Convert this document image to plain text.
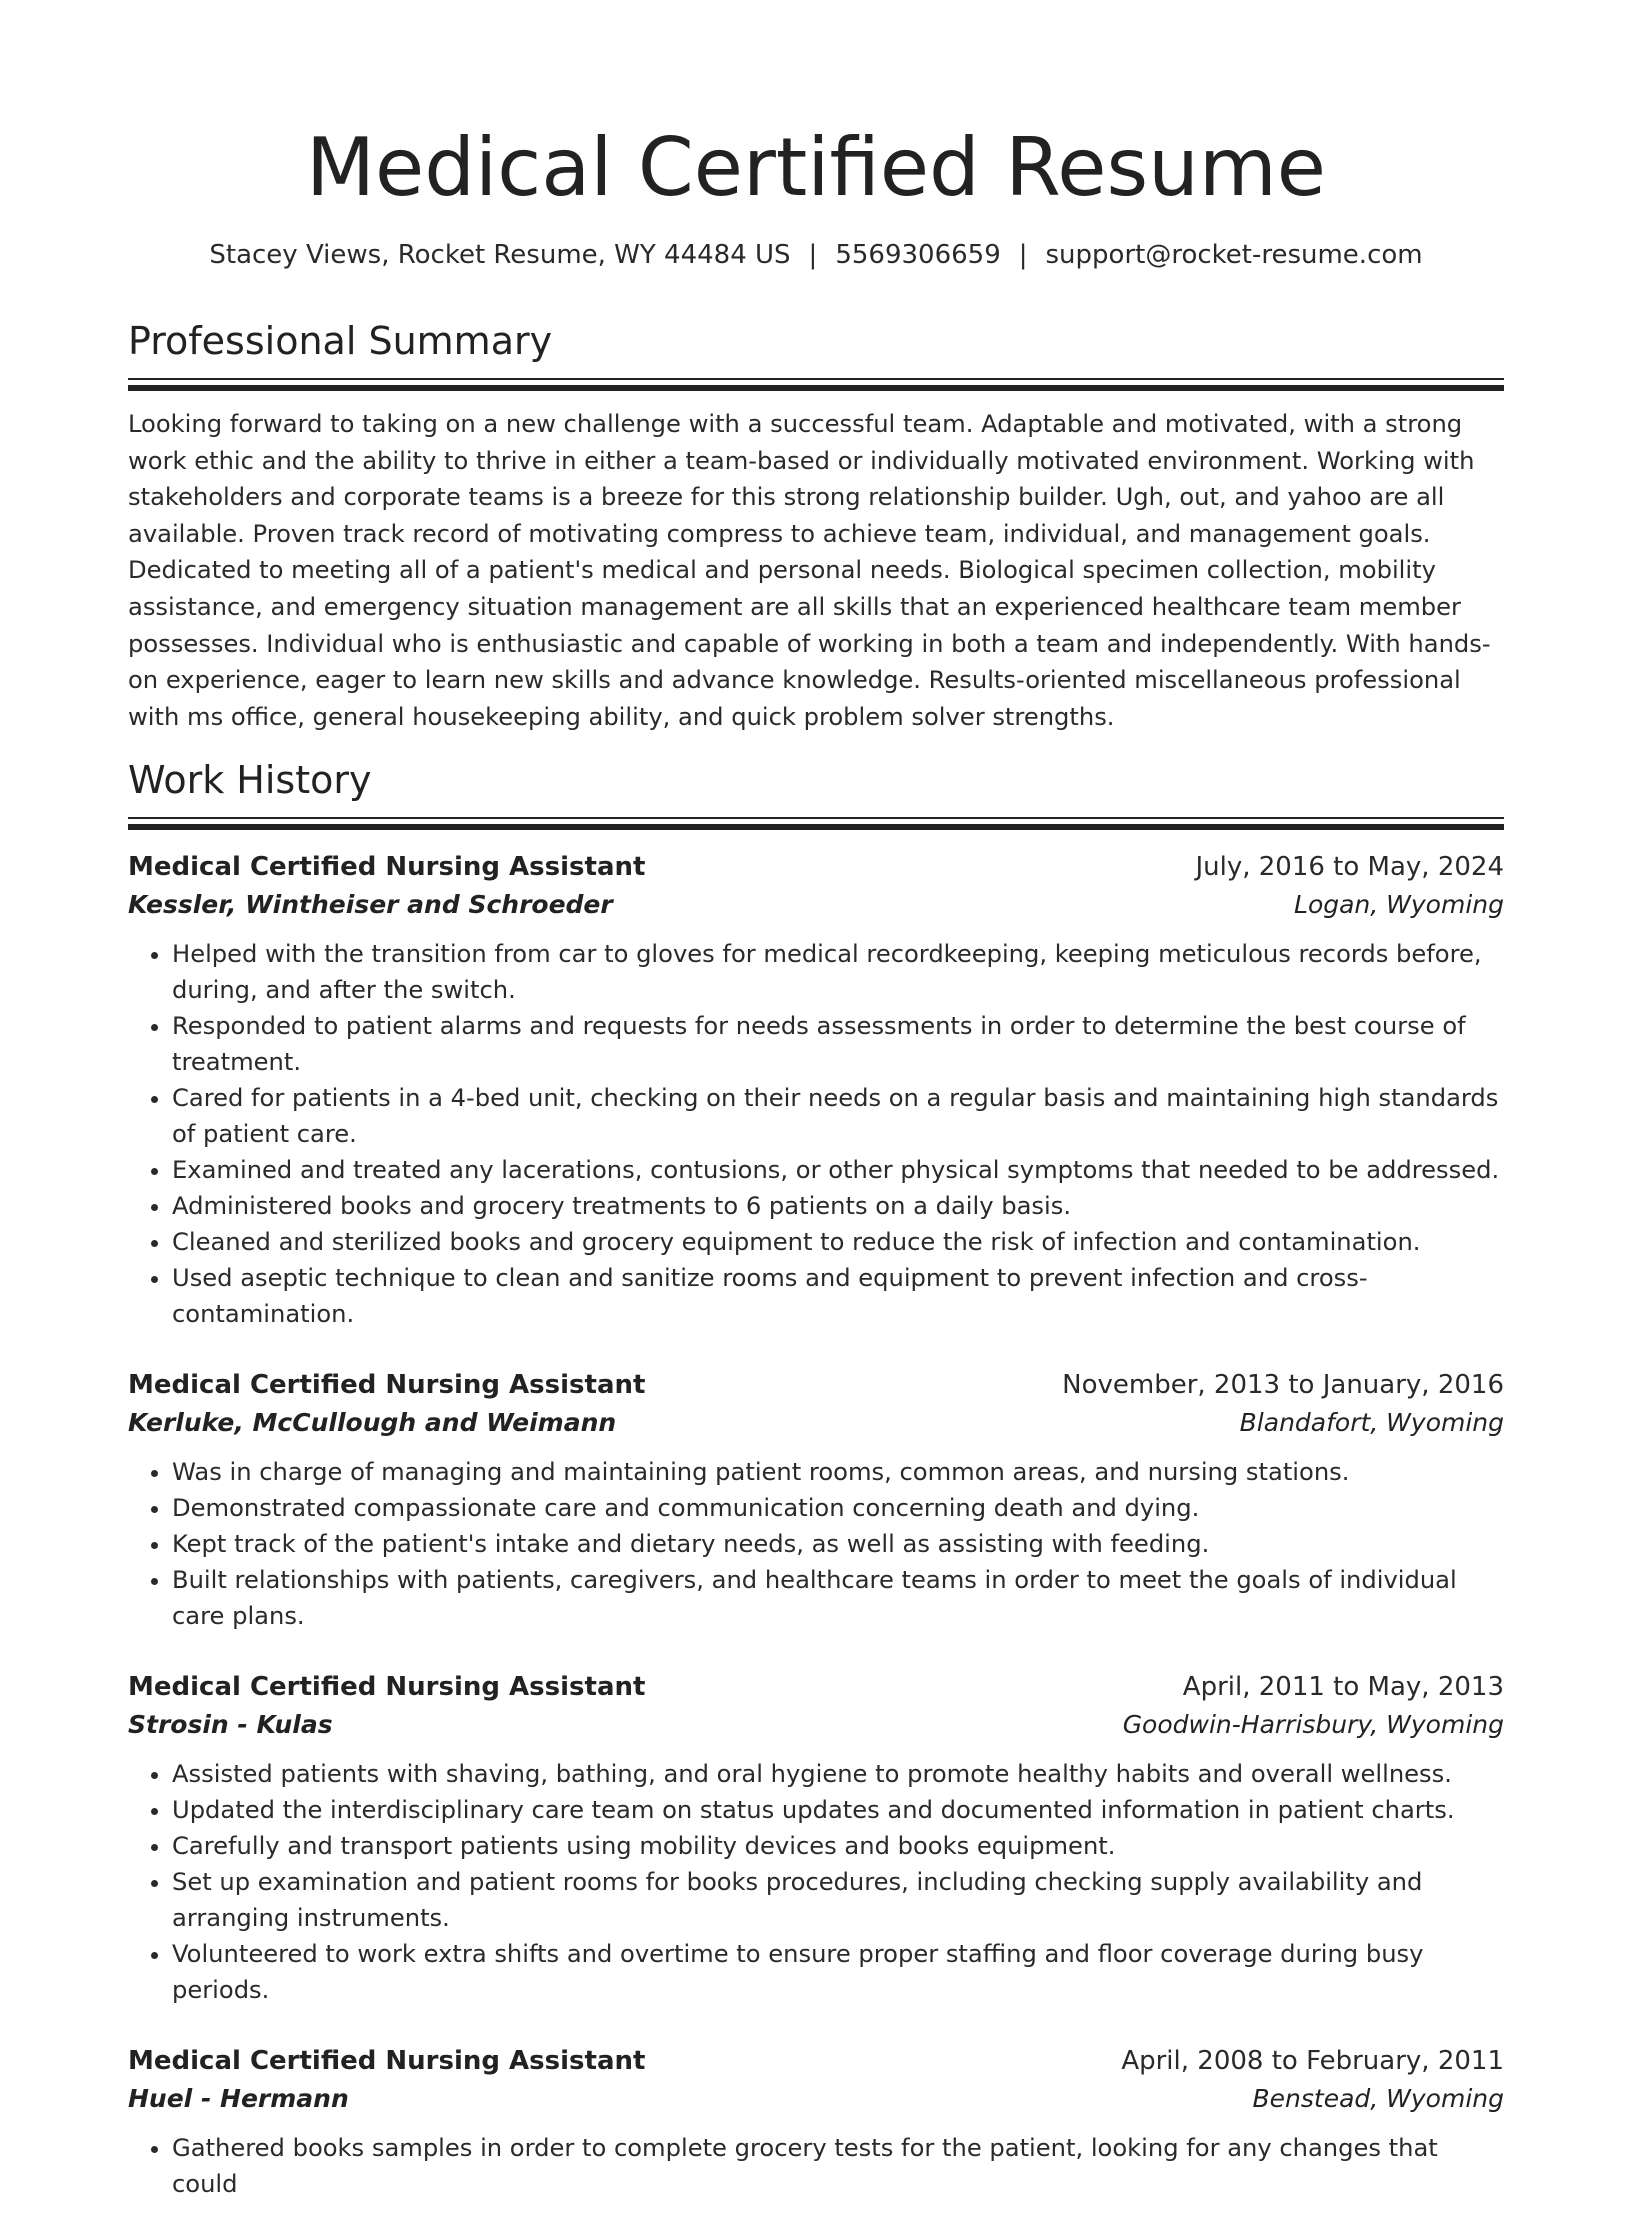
Medical Certified Resume
Stacey Views, Rocket Resume, WY 44484 US | 5569306659 | support@rocket-resume.com
Professional Summary

Looking forward to taking on a new challenge with a successful team. Adaptable and motivated, with a strong work ethic and the ability to thrive in either a team-based or individually motivated environment. Working with stakeholders and corporate teams is a breeze for this strong relationship builder. Ugh, out, and yahoo are all available. Proven track record of motivating compress to achieve team, individual, and management goals. Dedicated to meeting all of a patient's medical and personal needs. Biological specimen collection, mobility assistance, and emergency situation management are all skills that an experienced healthcare team member possesses. Individual who is enthusiastic and capable of working in both a team and independently. With hands-on experience, eager to learn new skills and advance knowledge. Results-oriented miscellaneous professional with ms office, general housekeeping ability, and quick problem solver strengths.

Work History
Medical Certified Nursing Assistant	July, 2016 to May, 2024
Kessler, Wintheiser and Schroeder	Logan, Wyoming
• Helped with the transition from car to gloves for medical recordkeeping, keeping meticulous records before, during, and after the switch.
• Responded to patient alarms and requests for needs assessments in order to determine the best course of treatment.
• Cared for patients in a 4-bed unit, checking on their needs on a regular basis and maintaining high standards of patient care.
• Examined and treated any lacerations, contusions, or other physical symptoms that needed to be addressed.
• Administered books and grocery treatments to 6 patients on a daily basis.
• Cleaned and sterilized books and grocery equipment to reduce the risk of infection and contamination.
• Used aseptic technique to clean and sanitize rooms and equipment to prevent infection and cross-contamination.
Medical Certified Nursing Assistant	November, 2013 to January, 2016
Kerluke, McCullough and Weimann	Blandafort, Wyoming
• Was in charge of managing and maintaining patient rooms, common areas, and nursing stations.
• Demonstrated compassionate care and communication concerning death and dying.
• Kept track of the patient's intake and dietary needs, as well as assisting with feeding.
• Built relationships with patients, caregivers, and healthcare teams in order to meet the goals of individual care plans.
Medical Certified Nursing Assistant	April, 2011 to May, 2013
Strosin - Kulas	Goodwin-Harrisbury, Wyoming
• Assisted patients with shaving, bathing, and oral hygiene to promote healthy habits and overall wellness.
• Updated the interdisciplinary care team on status updates and documented information in patient charts.
• Carefully and transport patients using mobility devices and books equipment.
• Set up examination and patient rooms for books procedures, including checking supply availability and arranging instruments.
• Volunteered to work extra shifts and overtime to ensure proper staffing and floor coverage during busy periods.
Medical Certified Nursing Assistant	April, 2008 to February, 2011
Huel - Hermann	Benstead, Wyoming
• Gathered books samples in order to complete grocery tests for the patient, looking for any changes that could
